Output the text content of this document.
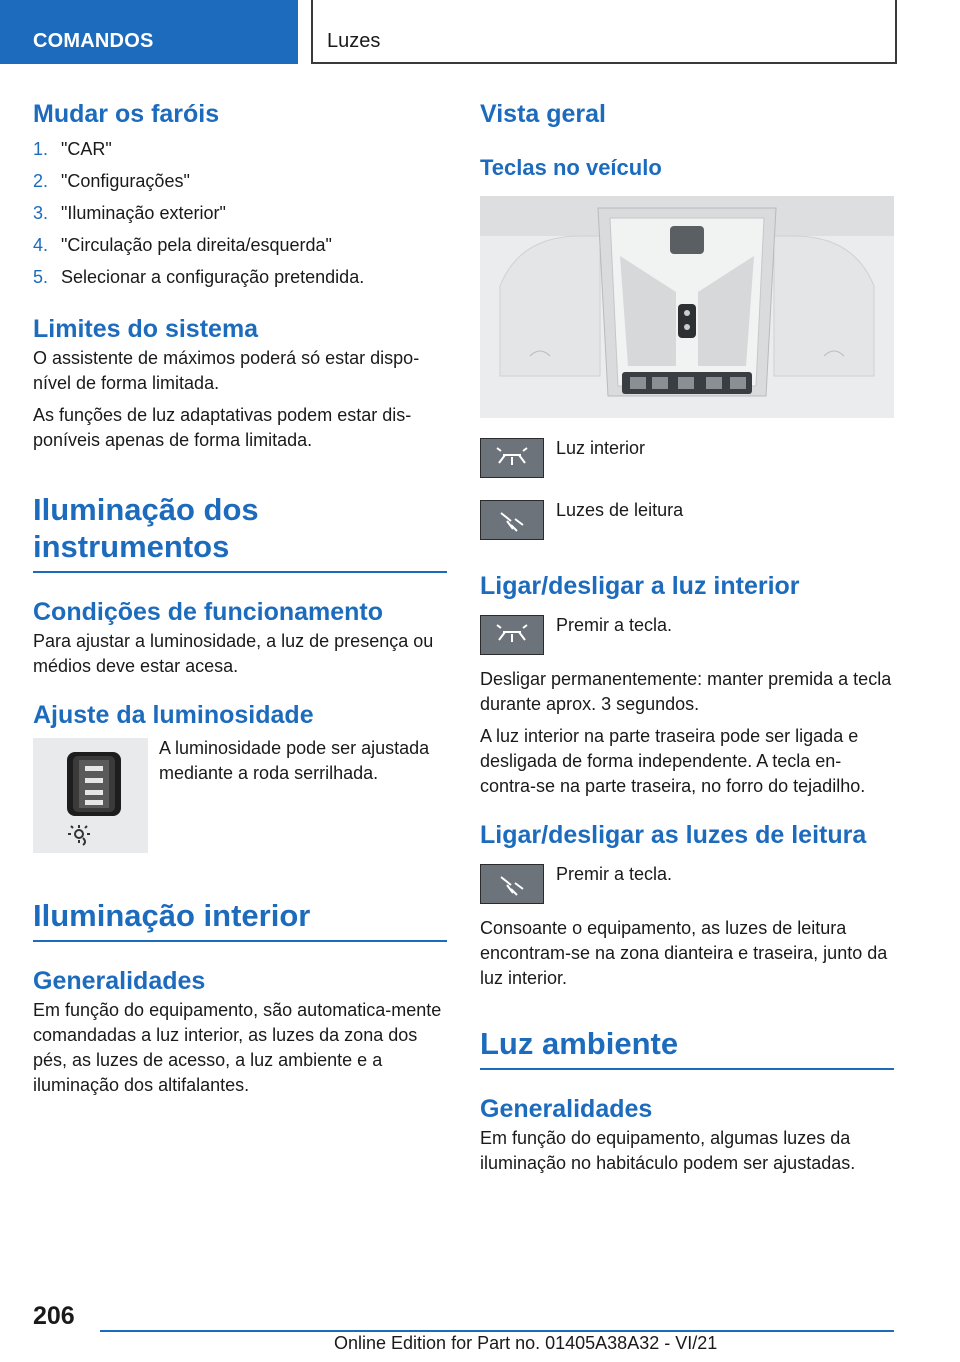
COMANDOS	Luzes
Mudar os faróis
1. "CAR"
2. "Configurações"
3. "Iluminação exterior"
4. "Circulação pela direita/esquerda"
5. Selecionar a configuração pretendida.
Limites do sistema

O assistente de máximos poderá só estar dispo-nível de forma limitada.

As funções de luz adaptativas podem estar dis-poníveis apenas de forma limitada.

Iluminação dos instrumentos
Condições de funcionamento

Para ajustar a luminosidade, a luz de presença ou médios deve estar acesa.

Ajuste da luminosidade

A luminosidade pode ser ajustada mediante a roda serrilhada.

Iluminação interior
Generalidades

Em função do equipamento, são automatica-mente comandadas a luz interior, as luzes da zona dos pés, as luzes de acesso, a luz ambiente e a iluminação dos altifalantes.

Vista geral
Teclas no veículo

Luz interior

Luzes de leitura

Ligar/desligar a luz interior

Premir a tecla.

Desligar permanentemente: manter premida a tecla durante aprox. 3 segundos.

A luz interior na parte traseira pode ser ligada e desligada de forma independente. A tecla en-contra-se na parte traseira, no forro do tejadilho.

Ligar/desligar as luzes de leitura

Premir a tecla.

Consoante o equipamento, as luzes de leitura encontram-se na zona dianteira e traseira, junto da luz interior.

Luz ambiente
Generalidades

Em função do equipamento, algumas luzes da iluminação no habitáculo podem ser ajustadas.

206
Online Edition for Part no. 01405A38A32 - VI/21
